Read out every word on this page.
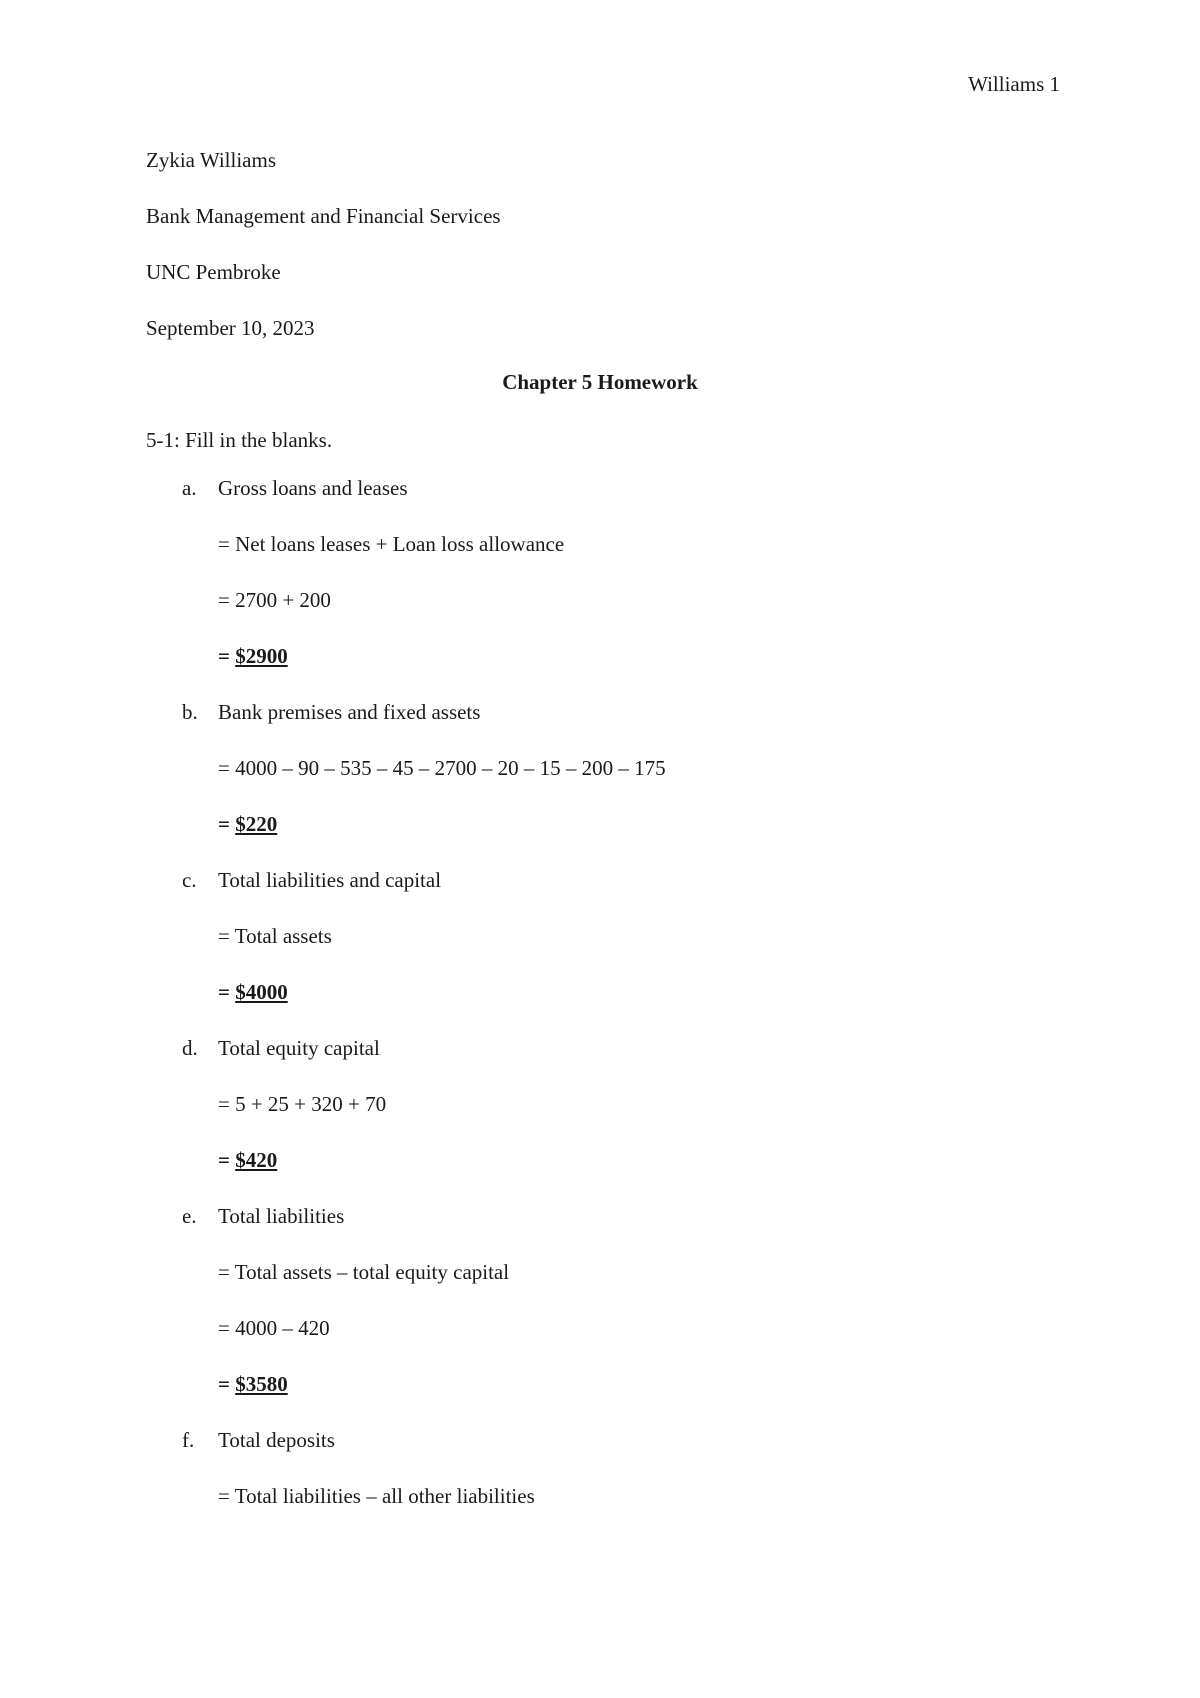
Williams 1
Zykia Williams
Bank Management and Financial Services
UNC Pembroke
September 10, 2023
Chapter 5 Homework
5-1: Fill in the blanks.
a. Gross loans and leases
= Net loans leases + Loan loss allowance
= 2700 + 200
= $2900
b. Bank premises and fixed assets
= 4000 – 90 – 535 – 45 – 2700 – 20 – 15 – 200 – 175
= $220
c. Total liabilities and capital
= Total assets
= $4000
d. Total equity capital
= 5 + 25 + 320 + 70
= $420
e. Total liabilities
= Total assets – total equity capital
= 4000 – 420
= $3580
f. Total deposits
= Total liabilities – all other liabilities
